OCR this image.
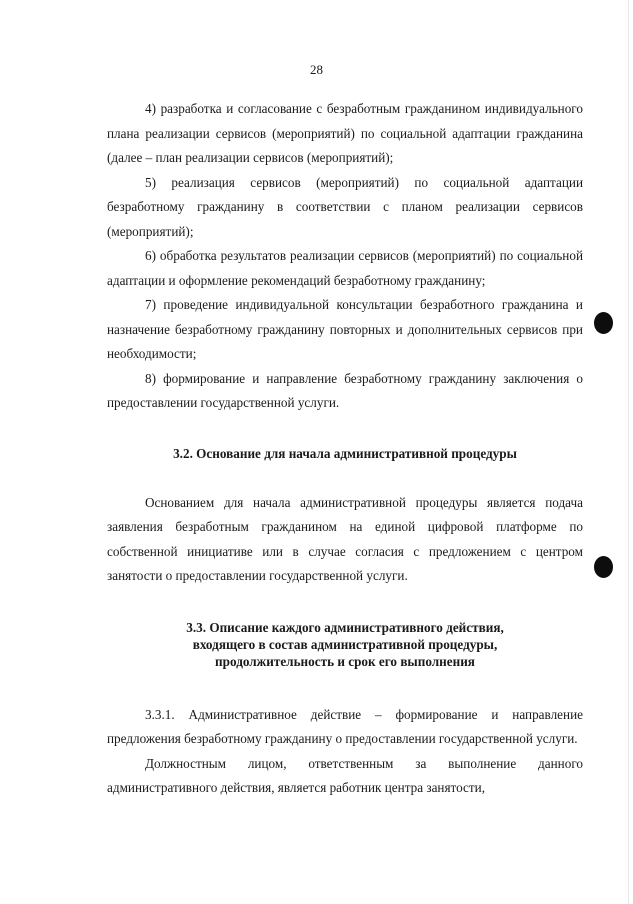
28

4) разработка и согласование с безработным гражданином индивидуального плана реализации сервисов (мероприятий) по социальной адаптации гражданина (далее – план реализации сервисов (мероприятий);

5) реализация сервисов (мероприятий) по социальной адаптации безработному гражданину в соответствии с планом реализации сервисов (мероприятий);

6) обработка результатов реализации сервисов (мероприятий) по социальной адаптации и оформление рекомендаций безработному гражданину;

7) проведение индивидуальной консультации безработного гражданина и назначение безработному гражданину повторных и дополнительных сервисов при необходимости;

8) формирование и направление безработному гражданину заключения о предоставлении государственной услуги.

3.2. Основание для начала административной процедуры

Основанием для начала административной процедуры является подача заявления безработным гражданином на единой цифровой платформе по собственной инициативе или в случае согласия с предложением с центром занятости о предоставлении государственной услуги.

3.3. Описание каждого административного действия,

входящего в состав административной процедуры,

продолжительность и срок его выполнения

3.3.1. Административное действие – формирование и направление предложения безработному гражданину о предоставлении государственной услуги.

Должностным лицом, ответственным за выполнение данного административного действия, является работник центра занятости,
